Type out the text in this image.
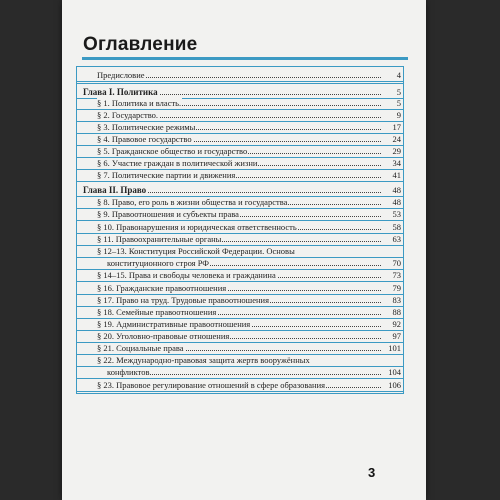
Оглавление
Предисловие	4
Глава I. Политика	5
§ 1. Политика и власть.	5
§ 2. Государство.	9
§ 3. Политические режимы	17
§ 4. Правовое государство	24
§ 5. Гражданское общество и государство	29
§ 6. Участие граждан в политической жизни	34
§ 7. Политические партии и движения	41
Глава II. Право	48
§ 8. Право, его роль в жизни общества и государства	48
§ 9. Правоотношения и субъекты права	53
§ 10. Правонарушения и юридическая ответственность	58
§ 11. Правоохранительные органы	63
§ 12–13. Конституция Российской Федерации. Основы
конституционного строя РФ	70
§ 14–15. Права и свободы человека и гражданина	73
§ 16. Гражданские правоотношения	79
§ 17. Право на труд. Трудовые правоотношения	83
§ 18. Семейные правоотношения	88
§ 19. Административные правоотношения	92
§ 20. Уголовно-правовые отношения	97
§ 21. Социальные права	101
§ 22. Международно-правовая защита жертв вооружённых
конфликтов	104
§ 23. Правовое регулирование отношений в сфере образования	106
3
